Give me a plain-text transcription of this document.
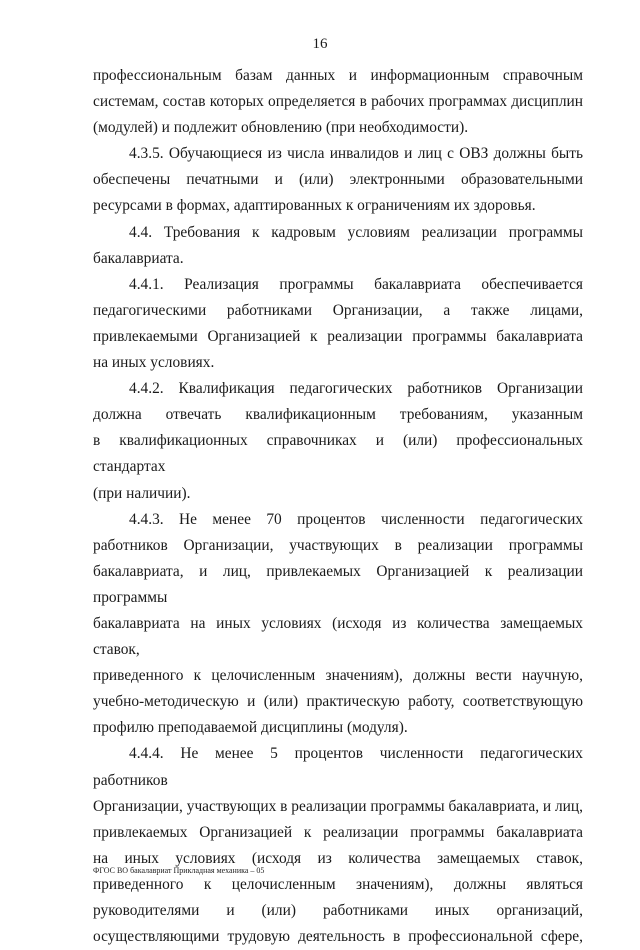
16

профессиональным базам данных и информационным справочным

системам, состав которых определяется в рабочих программах дисциплин

(модулей) и подлежит обновлению (при необходимости).

4.3.5. Обучающиеся из числа инвалидов и лиц с ОВЗ должны быть

обеспечены печатными и (или) электронными образовательными

ресурсами в формах, адаптированных к ограничениям их здоровья.

4.4. Требования к кадровым условиям реализации программы

бакалавриата.

4.4.1. Реализация программы бакалавриата обеспечивается

педагогическими работниками Организации, а также лицами,

привлекаемыми Организацией к реализации программы бакалавриата

на иных условиях.

4.4.2. Квалификация педагогических работников Организации

должна отвечать квалификационным требованиям, указанным

в квалификационных справочниках и (или) профессиональных стандартах

(при наличии).

4.4.3. Не менее 70 процентов численности педагогических

работников Организации, участвующих в реализации программы

бакалавриата, и лиц, привлекаемых Организацией к реализации программы

бакалавриата на иных условиях (исходя из количества замещаемых ставок,

приведенного к целочисленным значениям), должны вести научную,

учебно-методическую и (или) практическую работу, соответствующую

профилю преподаваемой дисциплины (модуля).

4.4.4. Не менее 5 процентов численности педагогических работников

Организации, участвующих в реализации программы бакалавриата, и лиц,

привлекаемых Организацией к реализации программы бакалавриата

на иных условиях (исходя из количества замещаемых ставок,

приведенного к целочисленным значениям), должны являться

руководителями и (или) работниками иных организаций,

осуществляющими трудовую деятельность в профессиональной сфере,

ФГОС ВО бакалавриат Прикладная механика – 05
